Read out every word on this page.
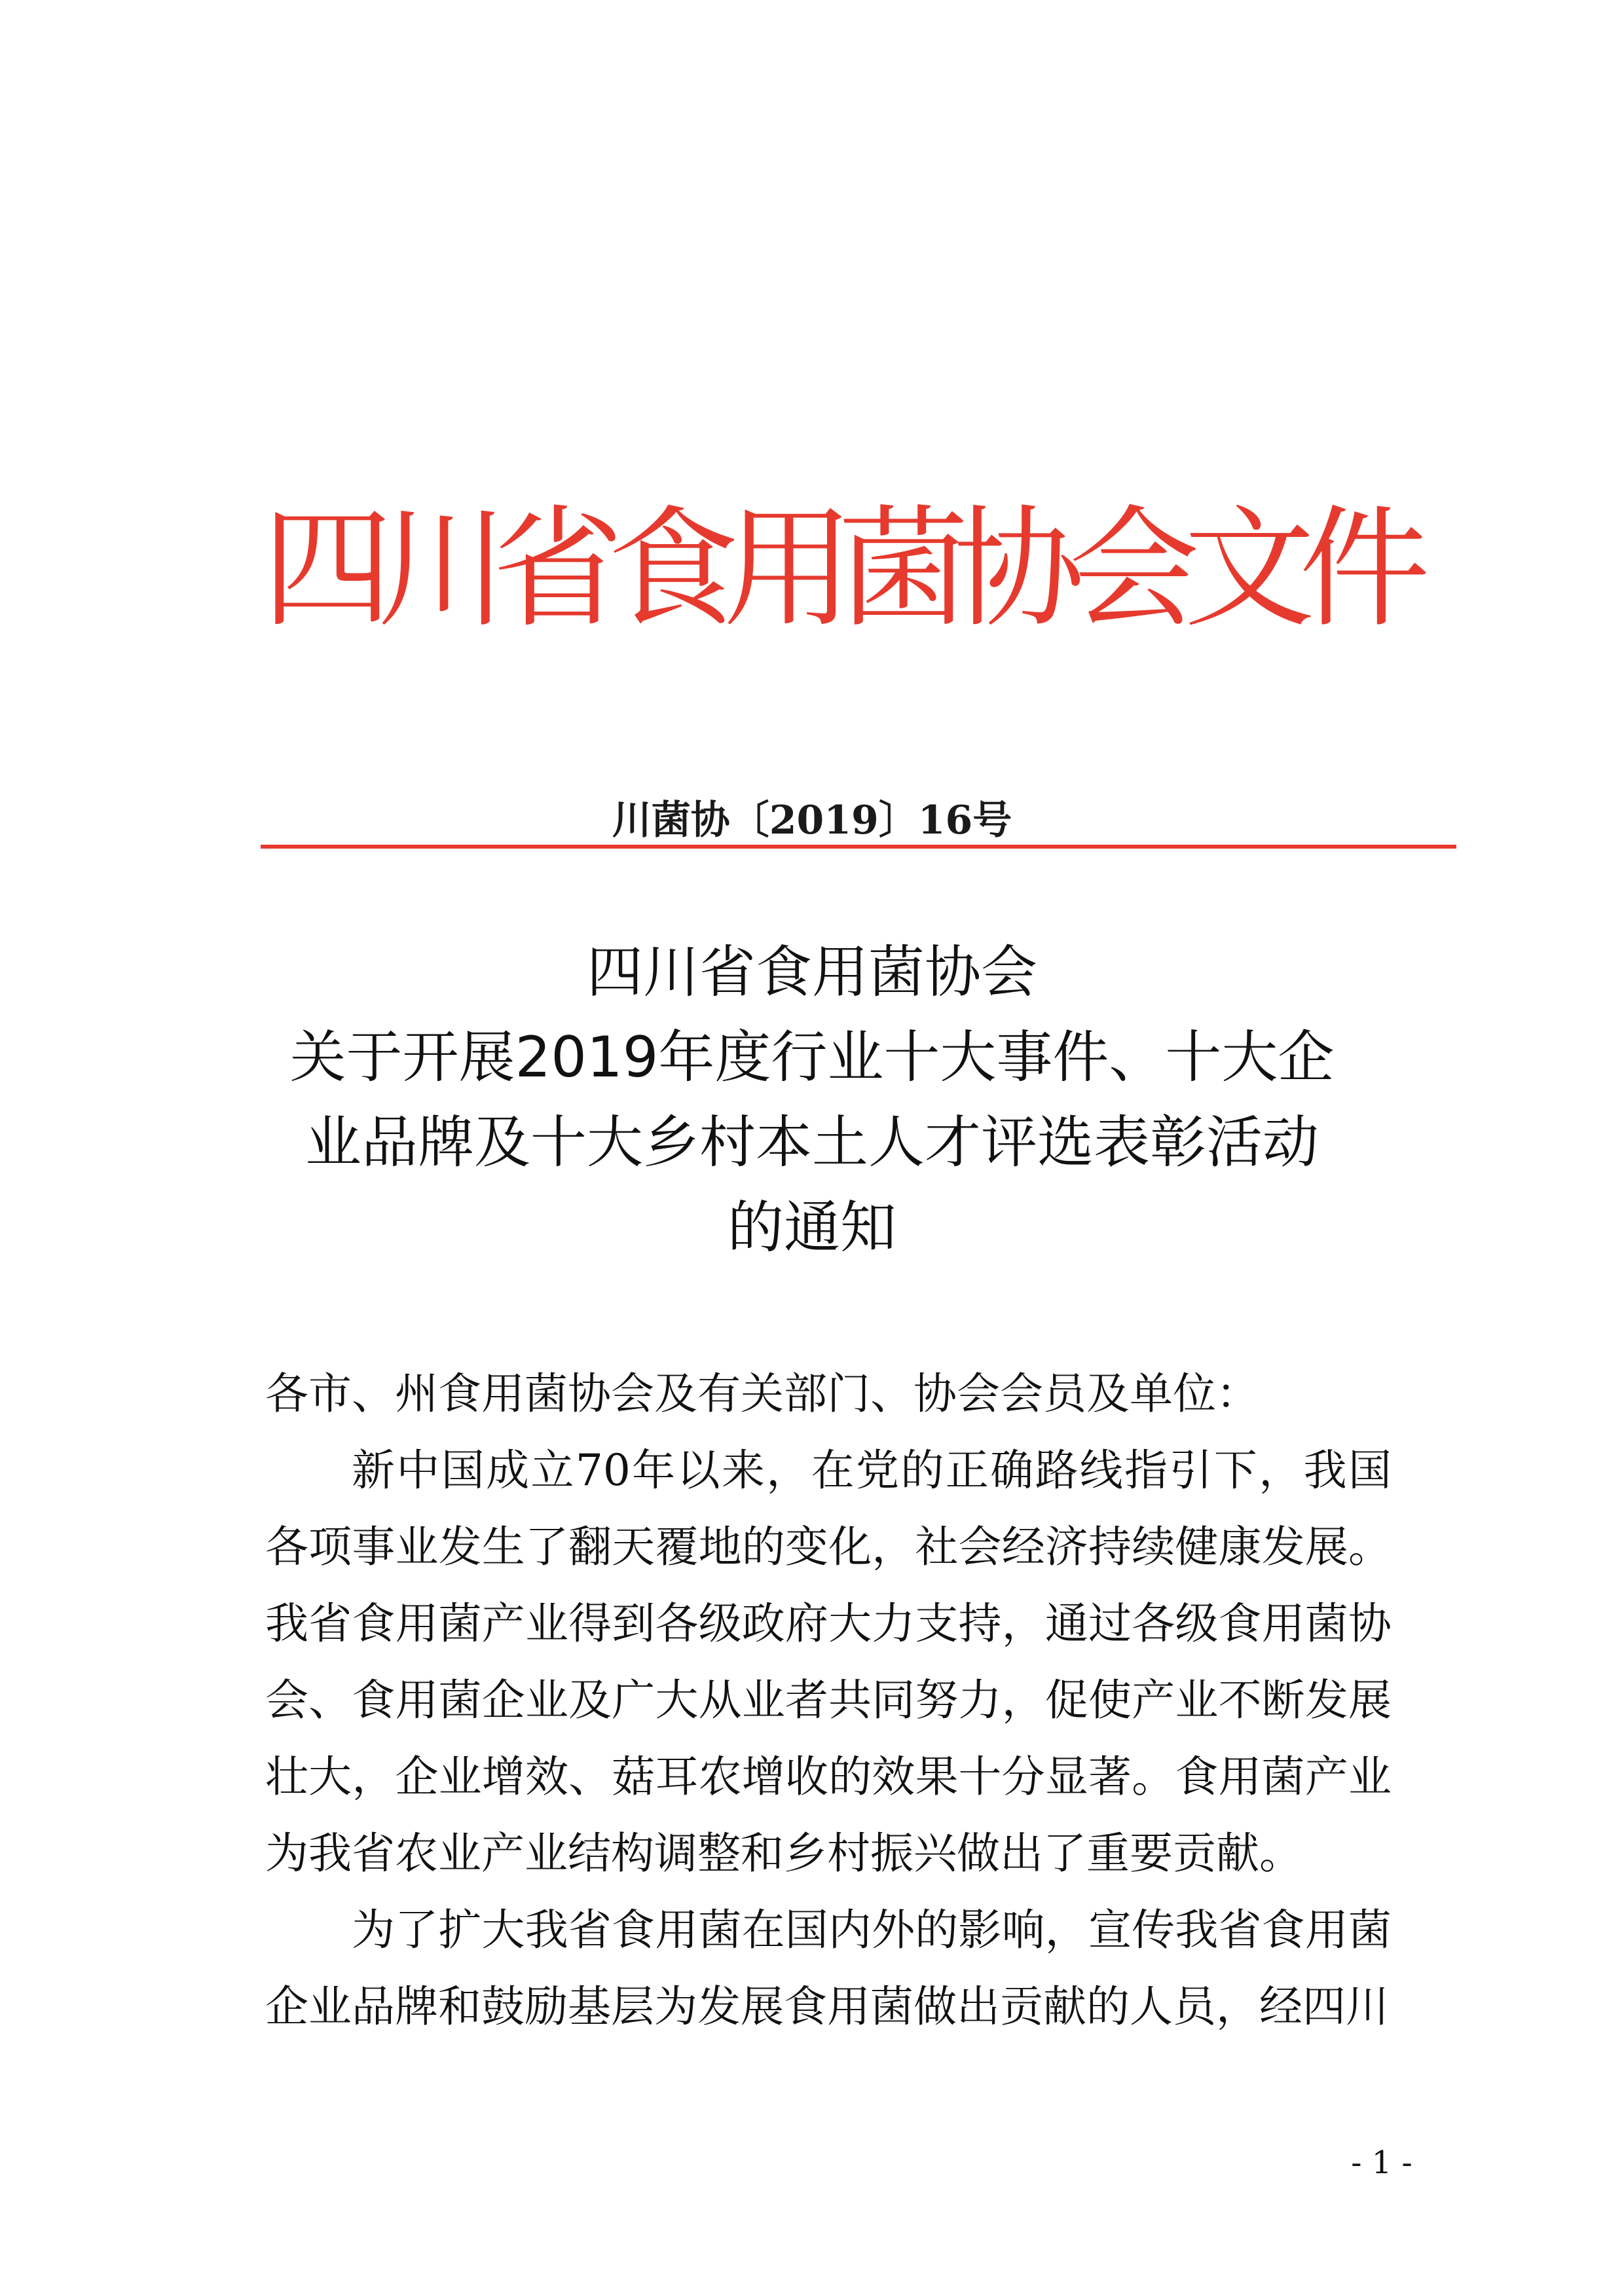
四
川
省
食
用
菌
协
会
文
件
川菌协〔2019〕16号
四川省食用菌协会
关于开展2019年度行业十大事件、十大企
业品牌及十大乡村本土人才评选表彰活动
的通知

各市、州食用菌协会及有关部门、协会会员及单位：

新中国成立70年以来，在党的正确路线指引下，我国各项事业发生了翻天覆地的变化，社会经济持续健康发展。我省食用菌产业得到各级政府大力支持，通过各级食用菌协会、食用菌企业及广大从业者共同努力，促使产业不断发展壮大，企业增效、菇耳农增收的效果十分显著。食用菌产业为我省农业产业结构调整和乡村振兴做出了重要贡献。

为了扩大我省食用菌在国内外的影响，宣传我省食用菌企业品牌和鼓励基层为发展食用菌做出贡献的人员，经四川

- 1 -
